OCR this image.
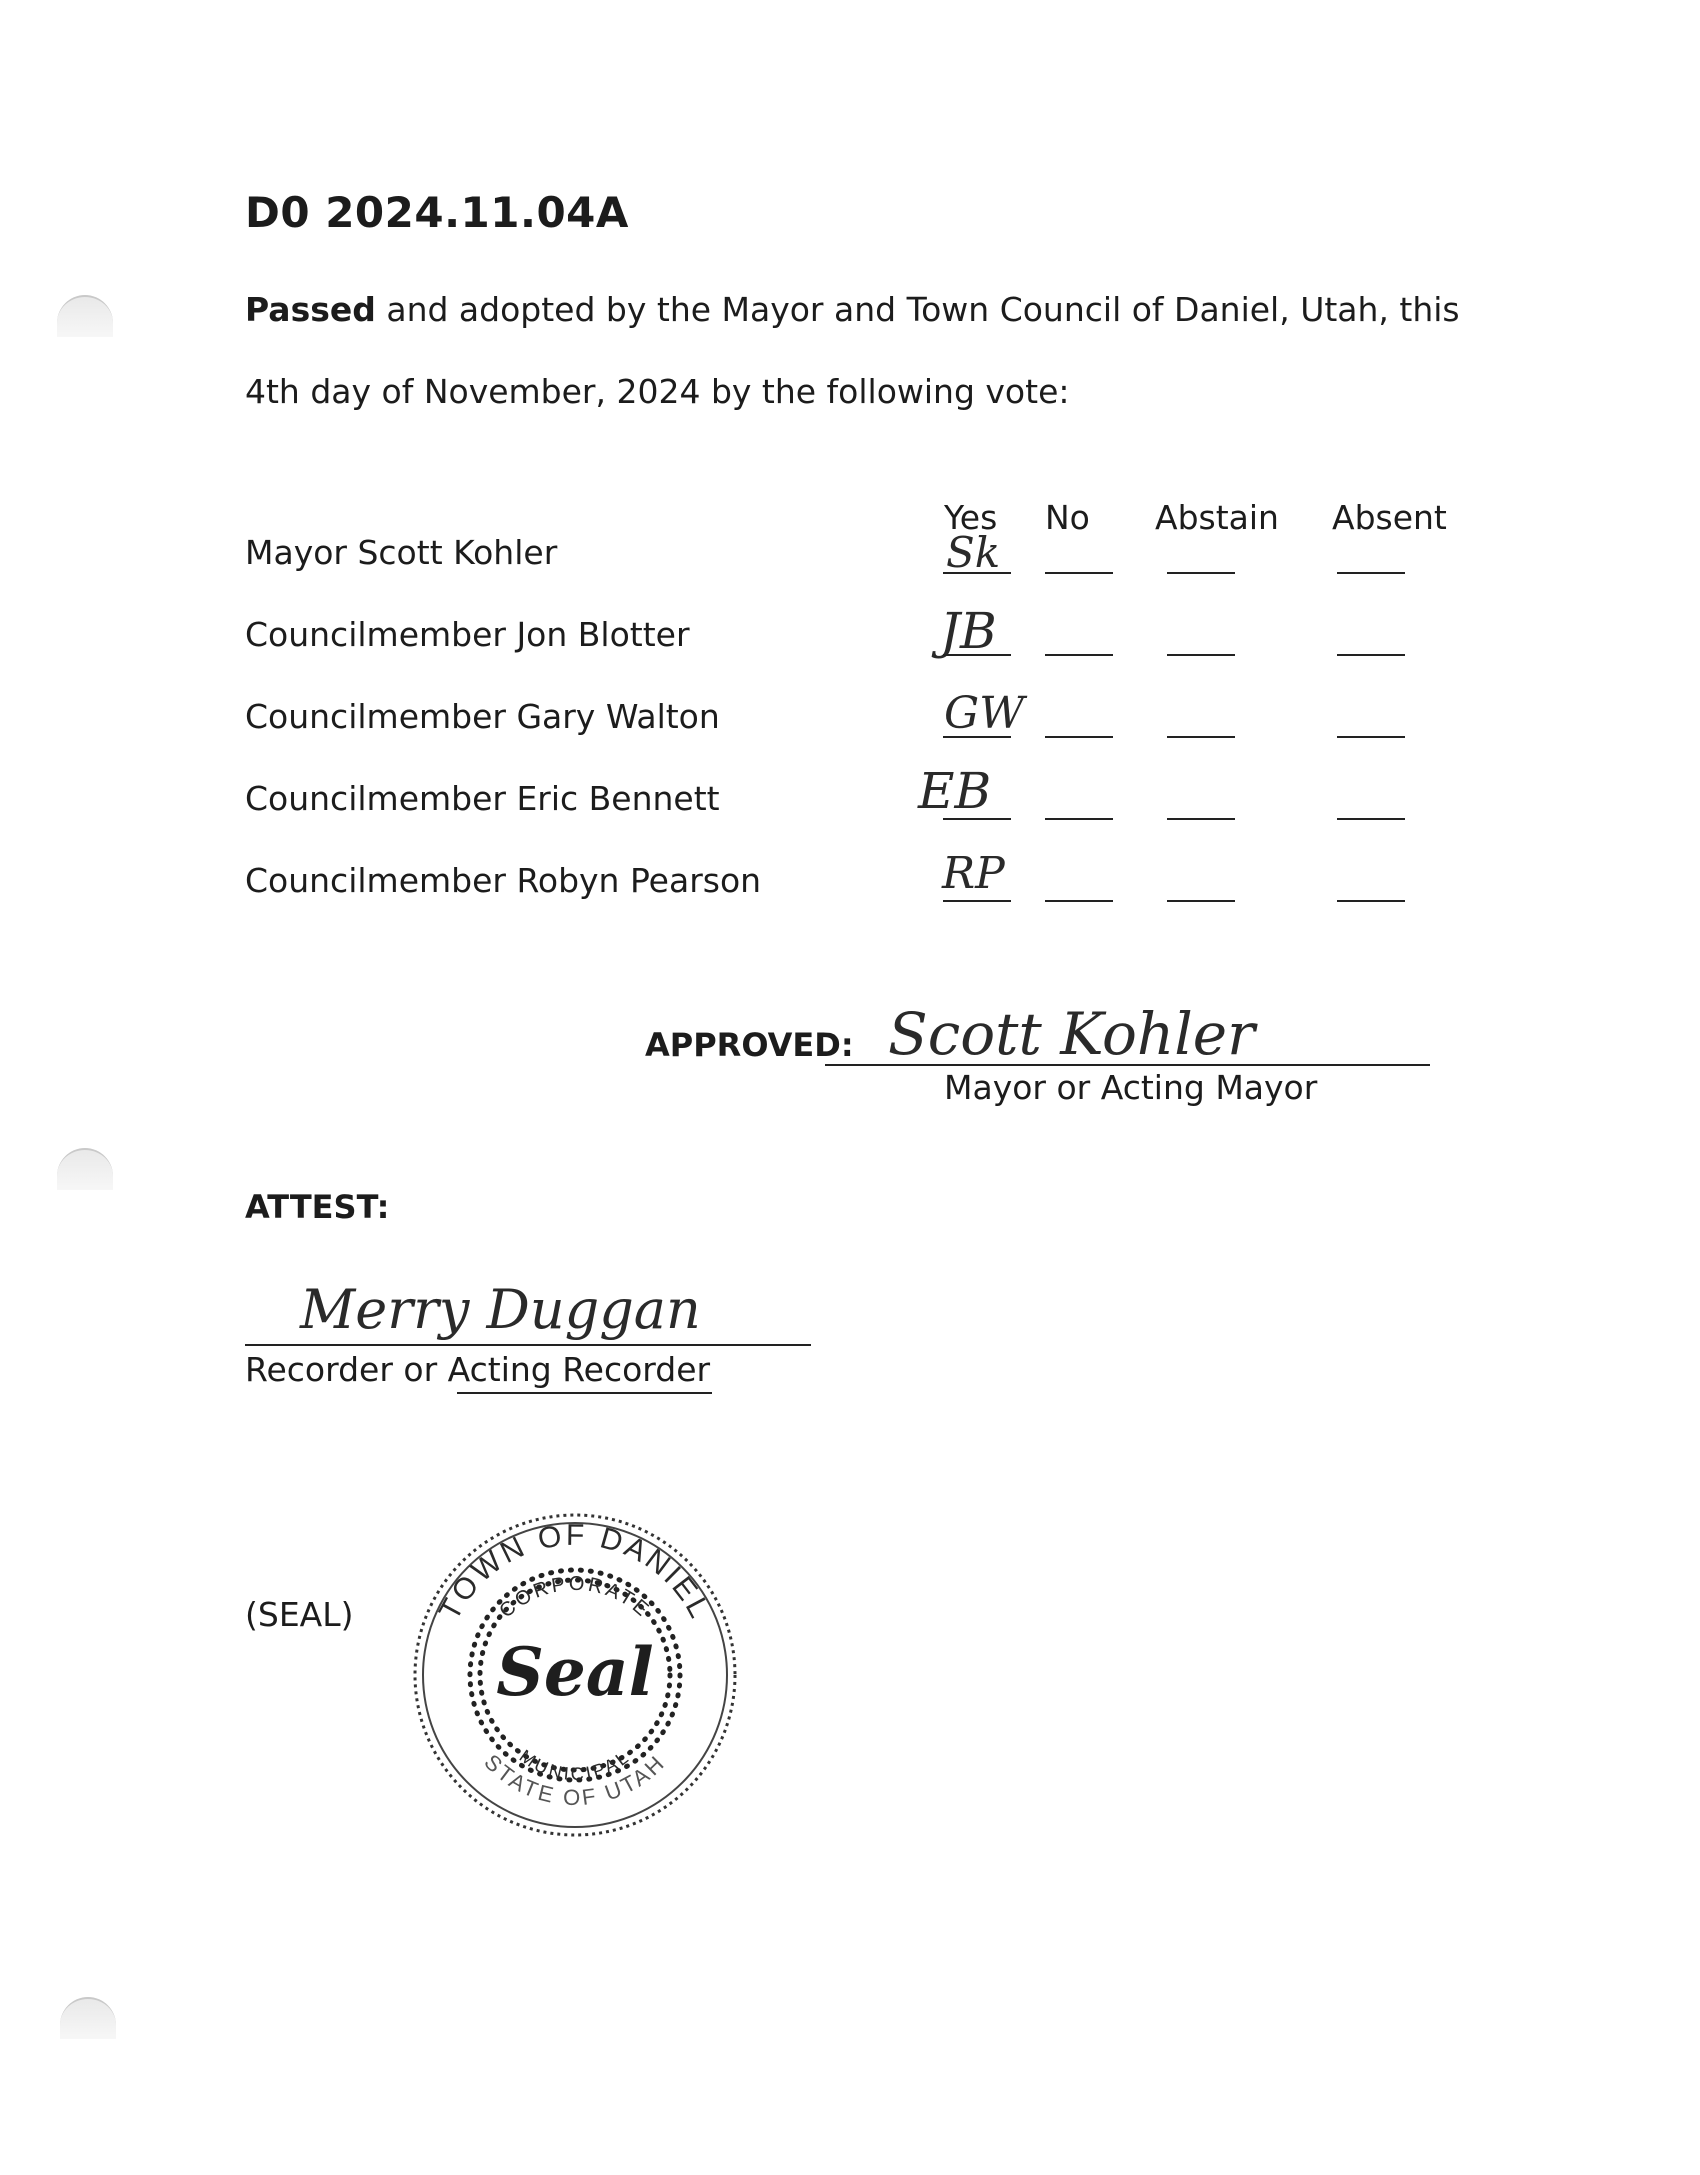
D0 2024.11.04A
Passed and adopted by the Mayor and Town Council of Daniel, Utah, this
4th day of November, 2024 by the following vote:
Yes No Abstain Absent
Mayor Scott Kohler	Sk
Councilmember Jon Blotter	JB
Councilmember Gary Walton	GW
Councilmember Eric Bennett	EB
Councilmember Robyn Pearson	RP
APPROVED: Scott Kohler
Mayor or Acting Mayor
ATTEST:
Merry Duggan
Recorder or Acting Recorder
(SEAL)	TOWN OF DANIEL
CORPORATE
Seal
MUNICIPAL
STATE OF UTAH
